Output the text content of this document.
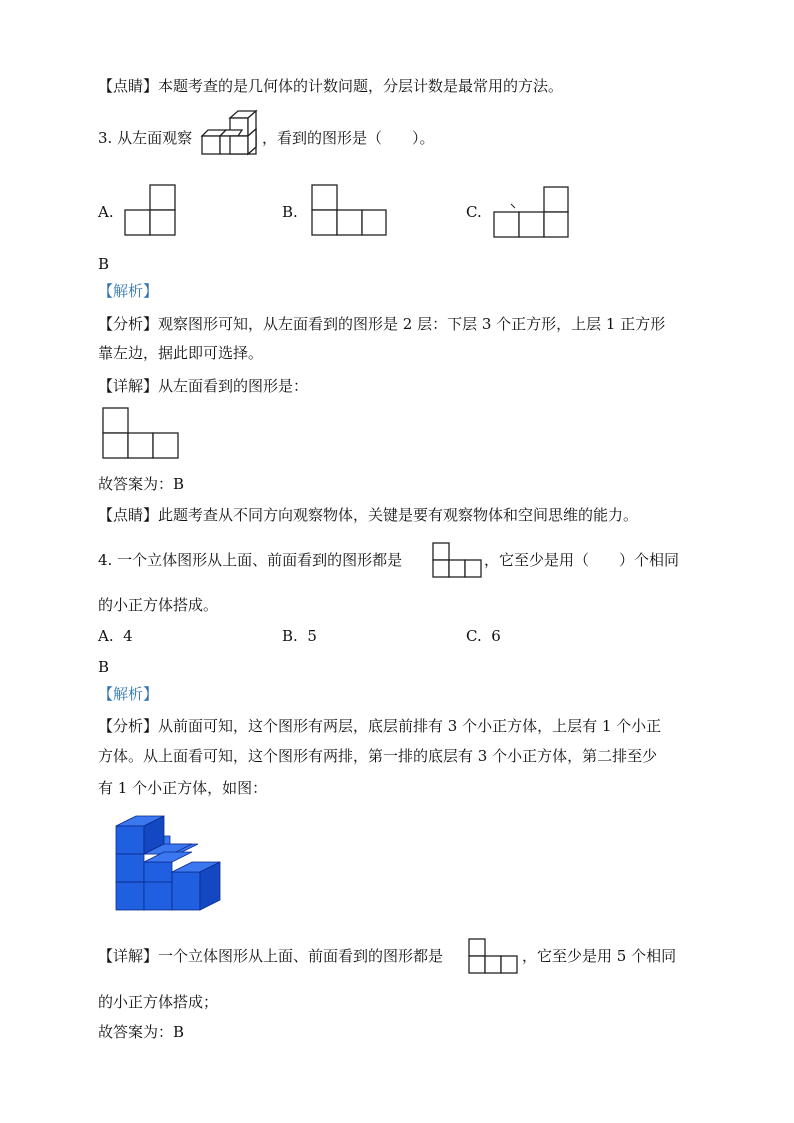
【点睛】本题考查的是几何体的计数问题，分层计数是最常用的方法。
3. 从左面观察	，看到的图形是（　　）。
A.	B.	C.
B
【解析】
【分析】观察图形可知，从左面看到的图形是 2 层：下层 3 个正方形，上层 1 正方形
靠左边，据此即可选择。
【详解】从左面看到的图形是：
故答案为：B
【点睛】此题考查从不同方向观察物体，关键是要有观察物体和空间思维的能力。
4. 一个立体图形从上面、前面看到的图形都是	，它至少是用（　　）个相同
的小正方体搭成。
A. 4	B. 5	C. 6
B
【解析】
【分析】从前面可知，这个图形有两层，底层前排有 3 个小正方体，上层有 1 个小正
方体。从上面看可知，这个图形有两排，第一排的底层有 3 个小正方体，第二排至少
有 1 个小正方体，如图：
【详解】一个立体图形从上面、前面看到的图形都是	，它至少是用 5 个相同
的小正方体搭成；
故答案为：B
